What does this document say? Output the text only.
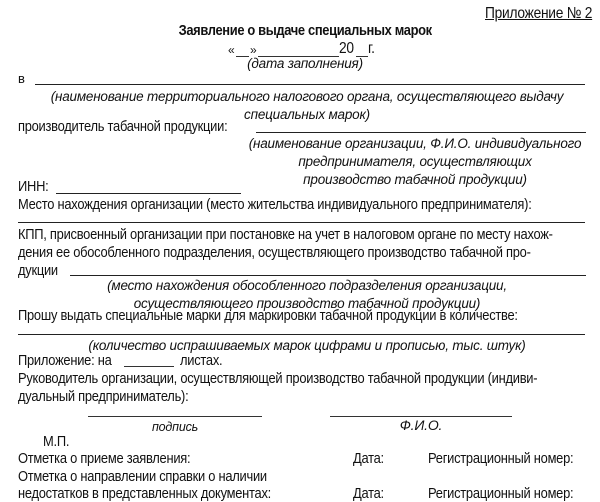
Приложение № 2
Заявление о выдаче специальных марок
« »	20 г.
(дата заполнения)
в
(наименование территориального налогового органа, осуществляющего выдачу
специальных марок)
производитель табачной продукции:
(наименование организации, Ф.И.О. индивидуального
предпринимателя, осуществляющих
производство табачной продукции)
ИНН:
Место нахождения организации (место жительства индивидуального предпринимателя):
КПП, присвоенный организации при постановке на учет в налоговом органе по месту нахож-
дения ее обособленного подразделения, осуществляющего производство табачной про-
дукции
(место нахождения обособленного подразделения организации,
осуществляющего производство табачной продукции)
Прошу выдать специальные марки для маркировки табачной продукции в количестве:
(количество испрашиваемых марок цифрами и прописью, тыс. штук)
Приложение: на	листах.
Руководитель организации, осуществляющей производство табачной продукции (индиви-
дуальный предприниматель):
подпись	Ф.И.О.
М.П.
Отметка о приеме заявления:	Дата:	Регистрационный номер:
Отметка о направлении справки о наличии
недостатков в представленных документах:	Дата:	Регистрационный номер:
